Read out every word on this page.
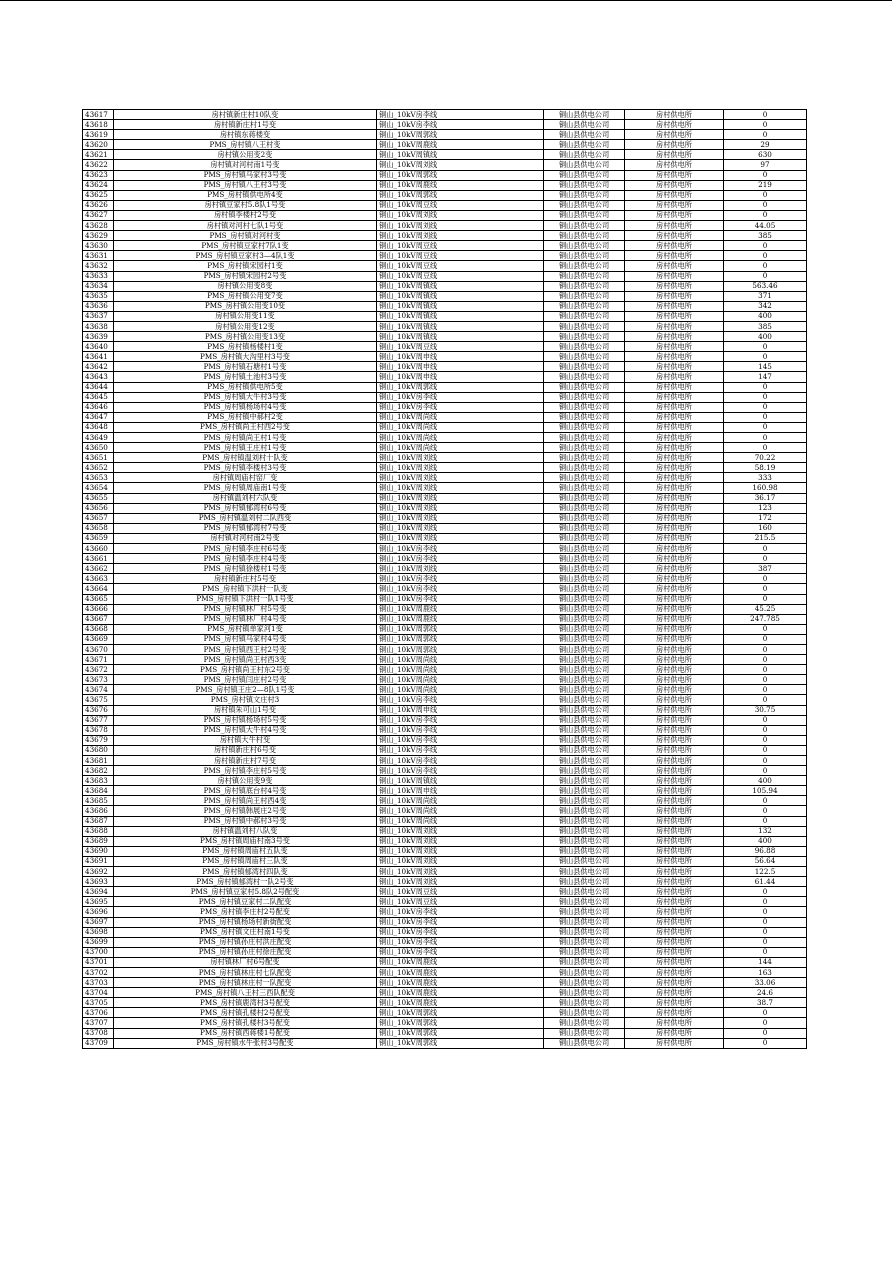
43617	房村镇新庄村10队变	铜山_10kV房李线	铜山县供电公司	房村供电所	0
43618	房村镇新庄村1号变	铜山_10kV房李线	铜山县供电公司	房村供电所	0
43619	房村镇东蒋楼变	铜山_10kV周郭线	铜山县供电公司	房村供电所	0
43620	PMS_房村镇八王村变	铜山_10kV周鹿线	铜山县供电公司	房村供电所	29
43621	房村镇公用变2变	铜山_10kV周镇线	铜山县供电公司	房村供电所	630
43622	房村镇对河村南1号变	铜山_10kV周刘线	铜山县供电公司	房村供电所	97
43623	PMS_房村镇马家村3号变	铜山_10kV周郭线	铜山县供电公司	房村供电所	0
43624	PMS_房村镇八王村3号变	铜山_10kV周鹿线	铜山县供电公司	房村供电所	219
43625	PMS_房村镇供电所4变	铜山_10kV周郭线	铜山县供电公司	房村供电所	0
43626	房村镇豆家村5.8队1号变	铜山_10kV周豆线	铜山县供电公司	房村供电所	0
43627	房村镇李楼村2号变	铜山_10kV周刘线	铜山县供电公司	房村供电所	0
43628	房村镇对河村七队1号变	铜山_10kV周刘线	铜山县供电公司	房村供电所	44.05
43629	PMS_房村镇对河村变	铜山_10kV周刘线	铜山县供电公司	房村供电所	385
43630	PMS_房村镇豆家村7队1变	铜山_10kV周豆线	铜山县供电公司	房村供电所	0
43631	PMS_房村镇豆家村3—4队1变	铜山_10kV周豆线	铜山县供电公司	房村供电所	0
43632	PMS_房村镇宋园村1变	铜山_10kV周豆线	铜山县供电公司	房村供电所	0
43633	PMS_房村镇宋园村2号变	铜山_10kV周豆线	铜山县供电公司	房村供电所	0
43634	房村镇公用变8变	铜山_10kV周镇线	铜山县供电公司	房村供电所	563.46
43635	PMS_房村镇公用变7变	铜山_10kV周镇线	铜山县供电公司	房村供电所	371
43636	PMS_房村镇公用变10变	铜山_10kV周镇线	铜山县供电公司	房村供电所	342
43637	房村镇公用变11变	铜山_10kV周镇线	铜山县供电公司	房村供电所	400
43638	房村镇公用变12变	铜山_10kV周镇线	铜山县供电公司	房村供电所	385
43639	PMS_房村镇公用变13变	铜山_10kV周镇线	铜山县供电公司	房村供电所	400
43640	PMS_房村镇杨楼村1变	铜山_10kV周豆线	铜山县供电公司	房村供电所	0
43641	PMS_房村镇大沟里村3号变	铜山_10kV周申线	铜山县供电公司	房村供电所	0
43642	PMS_房村镇石塘村1号变	铜山_10kV周申线	铜山县供电公司	房村供电所	145
43643	PMS_房村镇土池村3号变	铜山_10kV周申线	铜山县供电公司	房村供电所	147
43644	PMS_房村镇供电所5变	铜山_10kV周郭线	铜山县供电公司	房村供电所	0
43645	PMS_房村镇大牛村3号变	铜山_10kV房李线	铜山县供电公司	房村供电所	0
43646	PMS_房村镇杨场村4号变	铜山_10kV房李线	铜山县供电公司	房村供电所	0
43647	PMS_房村镇中郝村2变	铜山_10kV周尚线	铜山县供电公司	房村供电所	0
43648	PMS_房村镇尚王村西2号变	铜山_10kV周尚线	铜山县供电公司	房村供电所	0
43649	PMS_房村镇尚王村1号变	铜山_10kV周尚线	铜山县供电公司	房村供电所	0
43650	PMS_房村镇王庄村1号变	铜山_10kV周尚线	铜山县供电公司	房村供电所	0
43651	PMS_房村镇温刘村十队变	铜山_10kV周刘线	铜山县供电公司	房村供电所	70.22
43652	PMS_房村镇李楼村3号变	铜山_10kV周刘线	铜山县供电公司	房村供电所	58.19
43653	房村镇周庙村窑厂变	铜山_10kV周刘线	铜山县供电公司	房村供电所	333
43654	PMS_房村镇周庙南1号变	铜山_10kV周刘线	铜山县供电公司	房村供电所	160.98
43655	房村镇温刘村六队变	铜山_10kV周刘线	铜山县供电公司	房村供电所	36.17
43656	PMS_房村镇郁湾村6号变	铜山_10kV周刘线	铜山县供电公司	房村供电所	123
43657	PMS_房村镇温刘村二队西变	铜山_10kV周刘线	铜山县供电公司	房村供电所	172
43658	PMS_房村镇郁湾村7号变	铜山_10kV周刘线	铜山县供电公司	房村供电所	160
43659	房村镇对河村南2号变	铜山_10kV周刘线	铜山县供电公司	房村供电所	215.5
43660	PMS_房村镇李庄村6号变	铜山_10kV房李线	铜山县供电公司	房村供电所	0
43661	PMS_房村镇李庄村4号变	铜山_10kV房李线	铜山县供电公司	房村供电所	0
43662	PMS_房村镇徐楼村1号变	铜山_10kV周刘线	铜山县供电公司	房村供电所	387
43663	房村镇新庄村5号变	铜山_10kV房李线	铜山县供电公司	房村供电所	0
43664	PMS_房村镇下洪村一队变	铜山_10kV房李线	铜山县供电公司	房村供电所	0
43665	PMS_房村镇下洪村一队1号变	铜山_10kV房李线	铜山县供电公司	房村供电所	0
43666	PMS_房村镇林厂村5号变	铜山_10kV周鹿线	铜山县供电公司	房村供电所	45.25
43667	PMS_房村镇林厂村4号变	铜山_10kV周鹿线	铜山县供电公司	房村供电所	247.785
43668	PMS_房村镇单家河1变	铜山_10kV周郭线	铜山县供电公司	房村供电所	0
43669	PMS_房村镇马家村4号变	铜山_10kV周郭线	铜山县供电公司	房村供电所	0
43670	PMS_房村镇西王村2号变	铜山_10kV周郭线	铜山县供电公司	房村供电所	0
43671	PMS_房村镇尚王村西3变	铜山_10kV周尚线	铜山县供电公司	房村供电所	0
43672	PMS_房村镇尚王村东2号变	铜山_10kV周尚线	铜山县供电公司	房村供电所	0
43673	PMS_房村镇闫庄村2号变	铜山_10kV周尚线	铜山县供电公司	房村供电所	0
43674	PMS_房村镇王庄2—8队1号变	铜山_10kV周尚线	铜山县供电公司	房村供电所	0
43675	PMS_房村镇文庄村3	铜山_10kV房李线	铜山县供电公司	房村供电所	0
43676	房村镇朱可山1号变	铜山_10kV周申线	铜山县供电公司	房村供电所	30.75
43677	PMS_房村镇杨场村5号变	铜山_10kV房李线	铜山县供电公司	房村供电所	0
43678	PMS_房村镇大牛村4号变	铜山_10kV房李线	铜山县供电公司	房村供电所	0
43679	房村镇大牛村变	铜山_10kV房李线	铜山县供电公司	房村供电所	0
43680	房村镇新庄村6号变	铜山_10kV房李线	铜山县供电公司	房村供电所	0
43681	房村镇新庄村7号变	铜山_10kV房李线	铜山县供电公司	房村供电所	0
43682	PMS_房村镇李庄村5号变	铜山_10kV房李线	铜山县供电公司	房村供电所	0
43683	房村镇公用变9变	铜山_10kV周镇线	铜山县供电公司	房村供电所	400
43684	PMS_房村镇底台村4号变	铜山_10kV周申线	铜山县供电公司	房村供电所	105.94
43685	PMS_房村镇尚王村西4变	铜山_10kV周尚线	铜山县供电公司	房村供电所	0
43686	PMS_房村镇韩展庄2号变	铜山_10kV周尚线	铜山县供电公司	房村供电所	0
43687	PMS_房村镇中郝村3号变	铜山_10kV周尚线	铜山县供电公司	房村供电所	0
43688	房村镇温刘村八队变	铜山_10kV周刘线	铜山县供电公司	房村供电所	132
43689	PMS_房村镇周庙村南3号变	铜山_10kV周刘线	铜山县供电公司	房村供电所	400
43690	PMS_房村镇周庙村五队变	铜山_10kV周刘线	铜山县供电公司	房村供电所	96.88
43691	PMS_房村镇周庙村三队变	铜山_10kV周刘线	铜山县供电公司	房村供电所	56.64
43692	PMS_房村镇郁湾村四队变	铜山_10kV周刘线	铜山县供电公司	房村供电所	122.5
43693	PMS_房村镇郁湾村一队2号变	铜山_10kV周刘线	铜山县供电公司	房村供电所	61.44
43694	PMS_房村镇豆家村5.8队2号配变	铜山_10kV周豆线	铜山县供电公司	房村供电所	0
43695	PMS_房村镇豆家村二队配变	铜山_10kV周豆线	铜山县供电公司	房村供电所	0
43696	PMS_房村镇李庄村2号配变	铜山_10kV房李线	铜山县供电公司	房村供电所	0
43697	PMS_房村镇杨场村新街配变	铜山_10kV房李线	铜山县供电公司	房村供电所	0
43698	PMS_房村镇文庄村南1号变	铜山_10kV房李线	铜山县供电公司	房村供电所	0
43699	PMS_房村镇孙庄村洪庄配变	铜山_10kV房李线	铜山县供电公司	房村供电所	0
43700	PMS_房村镇孙庄村徐庄配变	铜山_10kV房李线	铜山县供电公司	房村供电所	0
43701	房村镇林厂村6号配变	铜山_10kV周鹿线	铜山县供电公司	房村供电所	144
43702	PMS_房村镇林庄村七队配变	铜山_10kV周鹿线	铜山县供电公司	房村供电所	163
43703	PMS_房村镇林庄村一队配变	铜山_10kV周鹿线	铜山县供电公司	房村供电所	33.06
43704	PMS_房村镇八王村三西队配变	铜山_10kV周鹿线	铜山县供电公司	房村供电所	24.6
43705	PMS_房村镇鹿湾村3号配变	铜山_10kV周鹿线	铜山县供电公司	房村供电所	38.7
43706	PMS_房村镇孔楼村2号配变	铜山_10kV周郭线	铜山县供电公司	房村供电所	0
43707	PMS_房村镇孔楼村3号配变	铜山_10kV周郭线	铜山县供电公司	房村供电所	0
43708	PMS_房村镇西蒋楼1号配变	铜山_10kV周郭线	铜山县供电公司	房村供电所	0
43709	PMS_房村镇水牛张村3号配变	铜山_10kV周郭线	铜山县供电公司	房村供电所	0
